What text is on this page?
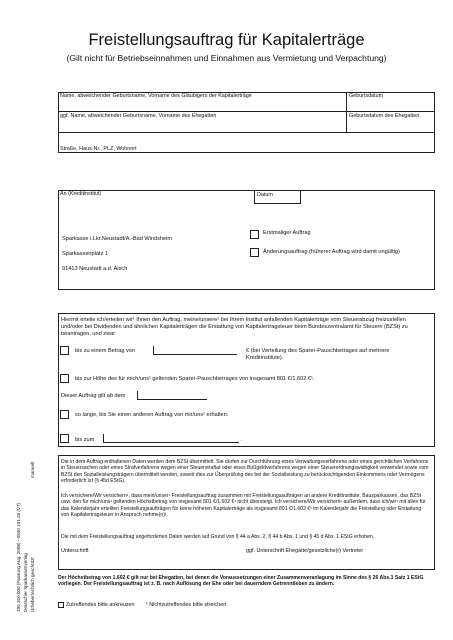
Freistellungsauftrag für Kapitalerträge
(Gilt nicht für Betriebseinnahmen und Einnahmen aus Vermietung und Verpachtung)
Name, abweichender Geburtsname, Vorname des Gläubigers der Kapitalerträge	Geburtsdatum
ggf. Name, abweichender Geburtsname, Vorname des Ehegatten	Geburtsdatum des Ehegatten
Straße, Haus-Nr., PLZ, Wohnort
An (Kreditinstitut)	Datum
Sparkasse i.Lkr.Neustadt/A.-Bad Windsheim
Sparkassenplatz 1
91413 Neustadt a.d. Aisch
Erstmaliger Auftrag
Änderungsauftrag (früherer Auftrag wird damit ungültig)
Hiermit erteile ich/erteilen wir¹ Ihnen den Auftrag, meine/unsere¹ bei Ihrem Institut anfallenden Kapitalerträge vom Steuerabzug freizustellen und/oder bei Dividenden und ähnlichen Kapitalerträgen die Erstattung von Kapitalertragsteuer beim Bundeszentralamt für Steuern (BZSt) zu beantragen, und zwar
bis zu einem Betrag von	€ (bei Verteilung des Sparer-Pauschbetrages auf mehrere Kreditinstitute).
bis zur Höhe des für mich/uns¹ geltenden Sparer-Pauschbetrages von insgesamt 801 €/1.602 €¹.
Dieser Auftrag gilt ab dem
so lange, bis Sie einen anderen Auftrag von mir/uns¹ erhalten.
bis zum	.
Die in dem Auftrag enthaltenen Daten werden dem BZSt übermittelt. Sie dürfen zur Durchführung eines Verwaltungsverfahrens oder eines gerichtlichen Verfahrens in Steuersachen oder eines Strafverfahrens wegen einer Steuerstraftat oder eines Bußgeldverfahrens wegen einer Steuerordnungswidrigkeit verwendet sowie vom BZSt den Sozialleistungsträgern übermittelt werden, soweit dies zur Überprüfung des bei der Sozialleistung zu berücksichtigenden Einkommens oder Vermögens erforderlich ist (§ 45d EStG).
Ich versichere/Wir versichern¹, dass mein/unser¹ Freistellungsauftrag zusammen mit Freistellungsaufträgen an andere Kreditinstitute, Bausparkassen, das BZSt usw. den für mich/uns¹ geltenden Höchstbetrag von insgesamt 801 €/1.602 €¹ nicht übersteigt. Ich versichere/Wir versichern¹ außerdem, dass ich/wir¹ mit allen für das Kalenderjahr erteilten Freistellungsaufträgen für keine höheren Kapitalerträge als insgesamt 801 €/1.602 €¹ im Kalenderjahr die Freistellung oder Erstattung von Kapitalertragsteuer in Anspruch nehme(n)¹.
Die mit dem Freistellungsauftrag angeforderten Daten werden auf Grund von § 44 a Abs. 2, § 44 b Abs. 1 und § 45 d Abs. 1 EStG erhoben.
Unterschrift	ggf. Unterschrift Ehegatte/gesetzliche(r) Vertreter
Der Höchstbetrag von 1.602 € gilt nur bei Ehegatten, bei denen die Voraussetzungen einer Zusammenveranlagung im Sinne des § 26 Abs.1 Satz 1 EStG vorliegen. Der Freistellungsauftrag ist z. B. nach Auflösung der Ehe oder bei dauerndem Getrenntleben zu ändern.
Zutreffendes bitte ankreuzen ¹ Nichtzutreffendes bitte streichen
190 320.000 (Fassung Aug. 2008) - 0540 101.28 (V7) Deutscher Sparkassenverlag Urheberrechtlich geschützt
manuell
